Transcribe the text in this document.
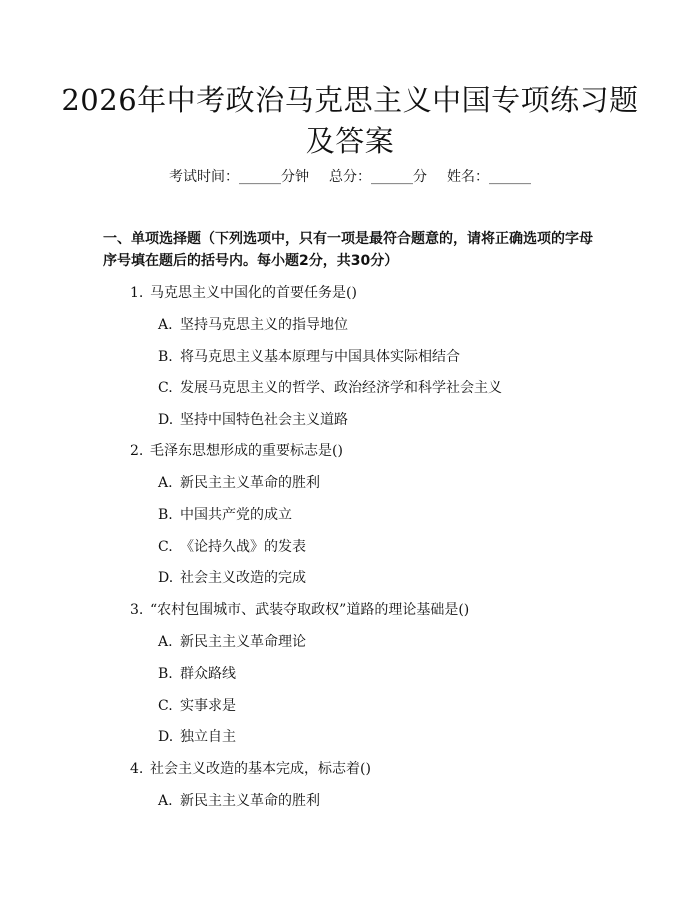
2026年中考政治马克思主义中国专项练习题
及答案
考试时间：______分钟 总分：______分 姓名：______
一、单项选择题（下列选项中，只有一项是最符合题意的，请将正确选项的字母
序号填在题后的括号内。每小题2分，共30分）
1. 马克思主义中国化的首要任务是()
A. 坚持马克思主义的指导地位
B. 将马克思主义基本原理与中国具体实际相结合
C. 发展马克思主义的哲学、政治经济学和科学社会主义
D. 坚持中国特色社会主义道路
2. 毛泽东思想形成的重要标志是()
A. 新民主主义革命的胜利
B. 中国共产党的成立
C. 《论持久战》的发表
D. 社会主义改造的完成
3. “农村包围城市、武装夺取政权”道路的理论基础是()
A. 新民主主义革命理论
B. 群众路线
C. 实事求是
D. 独立自主
4. 社会主义改造的基本完成，标志着()
A. 新民主主义革命的胜利
